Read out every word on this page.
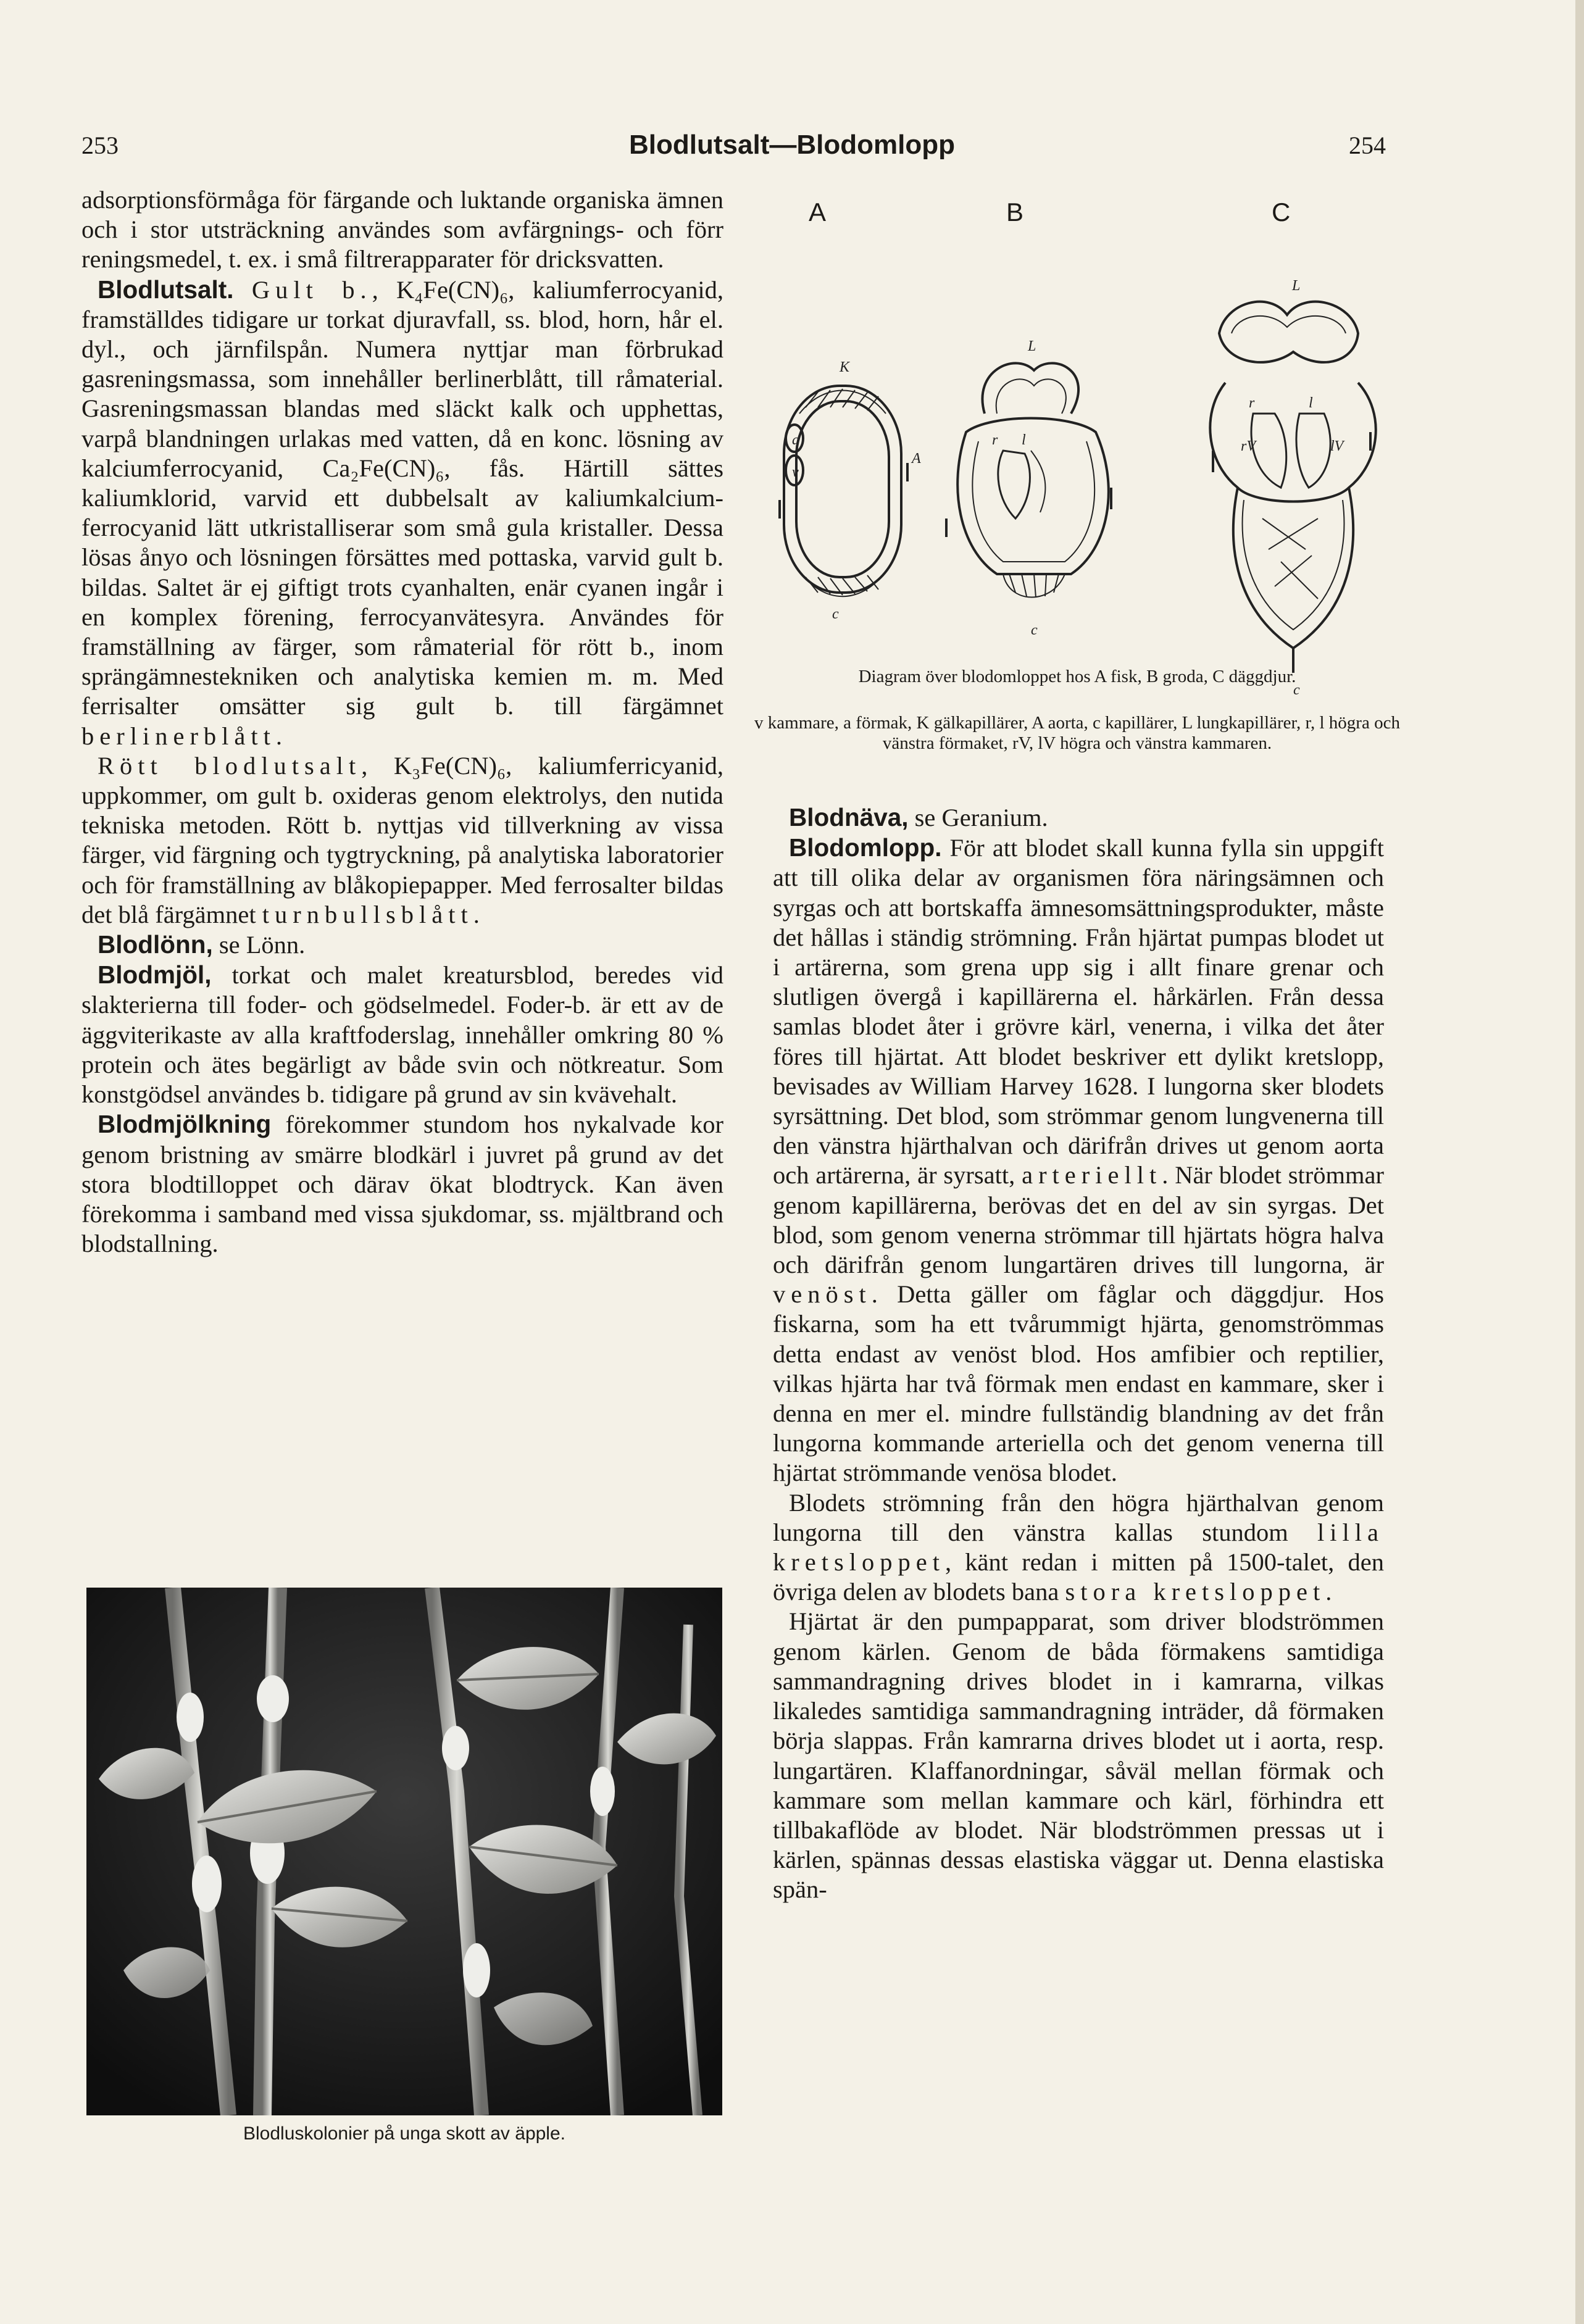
253	Blodlutsalt—Blodomlopp	254

adsorptionsförmåga för färgande och luktande organiska ämnen och i stor utsträckning användes som avfärgnings- och förr reningsmedel, t. ex. i små filtrerapparater för dricksvatten.

Blodlutsalt. Gult b., K₄Fe(CN)₆, kaliumferrocyanid, framställdes tidigare ur torkat djuravfall, ss. blod, horn, hår el. dyl., och järnfilspån. Numera nyttjar man förbrukad gasreningsmassa, som innehåller berlinerblått, till råmaterial. Gasreningsmassan blandas med släckt kalk och upphettas, varpå blandningen urlakas med vatten, då en konc. lösning av kalciumferrocyanid, Ca₂Fe(CN)₆, fås. Härtill sättes kaliumklorid, varvid ett dubbelsalt av kaliumkalcium-ferrocyanid lätt utkristalliserar som små gula kristaller. Dessa lösas ånyo och lösningen försättes med pottaska, varvid gult b. bildas. Saltet är ej giftigt trots cyanhalten, enär cyanen ingår i en komplex förening, ferrocyanvätesyra. Användes för framställning av färger, som råmaterial för rött b., inom sprängämnestekniken och analytiska kemien m. m. Med ferrisalter omsätter sig gult b. till färgämnet berlinerblått.

Rött blodlutsalt, K₃Fe(CN)₆, kaliumferricyanid, uppkommer, om gult b. oxideras genom elektrolys, den nutida tekniska metoden. Rött b. nyttjas vid tillverkning av vissa färger, vid färgning och tygtryckning, på analytiska laboratorier och för framställning av blåkopiepapper. Med ferrosalter bildas det blå färgämnet turnbullsblått.

Blodlönn, se Lönn.

Blodmjöl, torkat och malet kreatursblod, beredes vid slakterierna till foder- och gödselmedel. Foder-b. är ett av de äggviterikaste av alla kraftfoderslag, innehåller omkring 80 % protein och ätes begärligt av både svin och nötkreatur. Som konstgödsel användes b. tidigare på grund av sin kvävehalt.

Blodmjölkning förekommer stundom hos nykalvade kor genom bristning av smärre blodkärl i juvret på grund av det stora blodtilloppet och därav ökat blodtryck. Kan även förekomma i samband med vissa sjukdomar, ss. mjältbrand och blodstallning.

Blodluskolonier på unga skott av äpple.
A	B	C
K
a
v
A
c
L
r l
c
L
r	l
rV	lV
c
Diagram över blodomloppet hos A fisk, B groda, C däggdjur.
v kammare, a förmak, K gälkapillärer, A aorta, c kapillärer, L lungkapillärer, r, l högra och vänstra förmaket, rV, lV högra och vänstra kammaren.

Blodnäva, se Geranium.

Blodomlopp. För att blodet skall kunna fylla sin uppgift att till olika delar av organismen föra näringsämnen och syrgas och att bortskaffa ämnesomsättningsprodukter, måste det hållas i ständig strömning. Från hjärtat pumpas blodet ut i artärerna, som grena upp sig i allt finare grenar och slutligen övergå i kapillärerna el. hårkärlen. Från dessa samlas blodet åter i grövre kärl, venerna, i vilka det åter föres till hjärtat. Att blodet beskriver ett dylikt kretslopp, bevisades av William Harvey 1628. I lungorna sker blodets syrsättning. Det blod, som strömmar genom lungvenerna till den vänstra hjärthalvan och därifrån drives ut genom aorta och artärerna, är syrsatt, arteriellt. När blodet strömmar genom kapillärerna, berövas det en del av sin syrgas. Det blod, som genom venerna strömmar till hjärtats högra halva och därifrån genom lungartären drives till lungorna, är venöst. Detta gäller om fåglar och däggdjur. Hos fiskarna, som ha ett tvårummigt hjärta, genomströmmas detta endast av venöst blod. Hos amfibier och reptilier, vilkas hjärta har två förmak men endast en kammare, sker i denna en mer el. mindre fullständig blandning av det från lungorna kommande arteriella och det genom venerna till hjärtat strömmande venösa blodet.

Blodets strömning från den högra hjärthalvan genom lungorna till den vänstra kallas stundom lilla kretsloppet, känt redan i mitten på 1500-talet, den övriga delen av blodets bana stora kretsloppet.

Hjärtat är den pumpapparat, som driver blodströmmen genom kärlen. Genom de båda förmakens samtidiga sammandragning drives blodet in i kamrarna, vilkas likaledes samtidiga sammandragning inträder, då förmaken börja slappas. Från kamrarna drives blodet ut i aorta, resp. lungartären. Klaffanordningar, såväl mellan förmak och kammare som mellan kammare och kärl, förhindra ett tillbakaflöde av blodet. När blodströmmen pressas ut i kärlen, spännas dessas elastiska väggar ut. Denna elastiska spän-
